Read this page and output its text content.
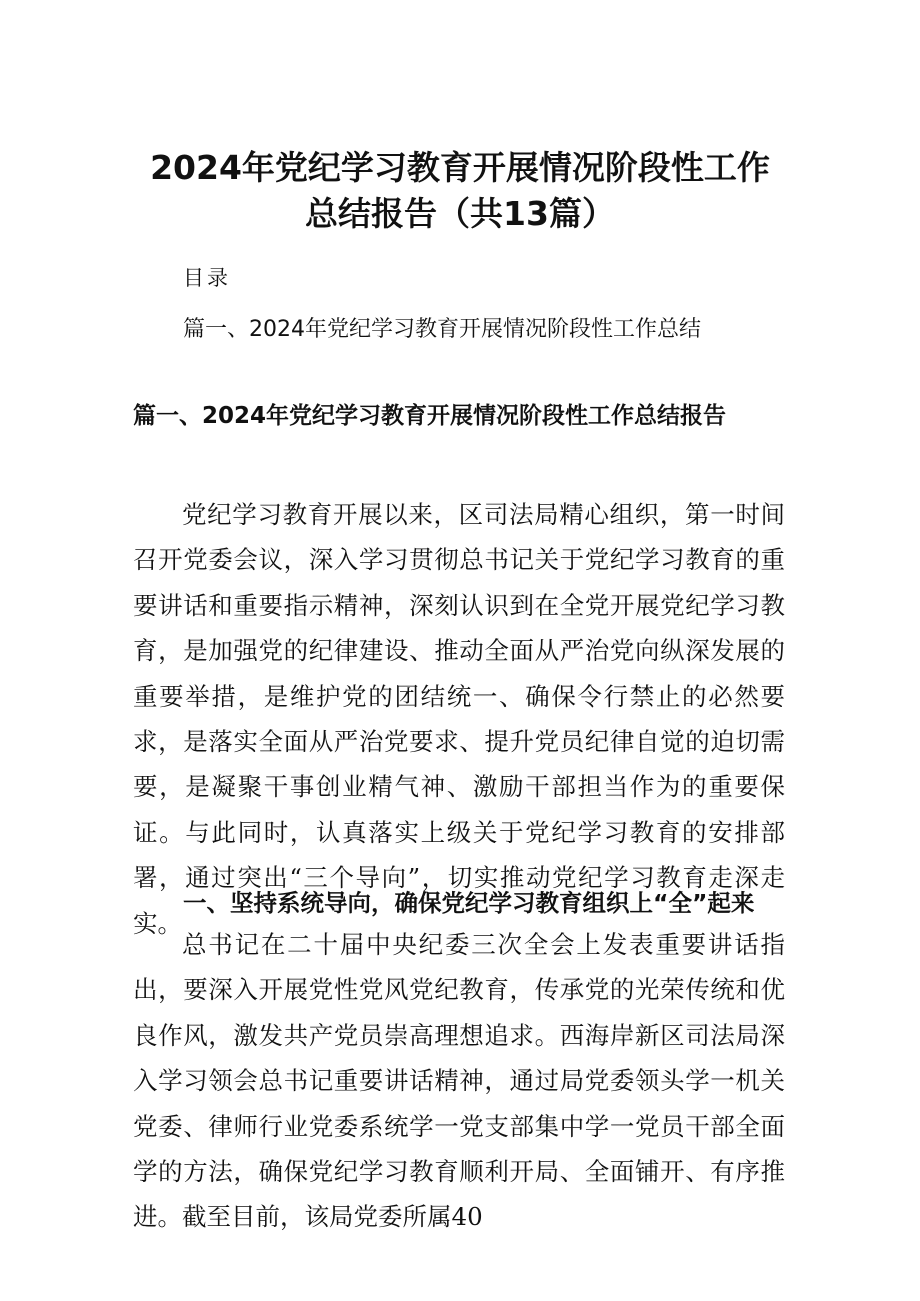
2024年党纪学习教育开展情况阶段性工作
总结报告（共13篇）
目录
篇一、2024年党纪学习教育开展情况阶段性工作总结
篇一、2024年党纪学习教育开展情况阶段性工作总结报告

党纪学习教育开展以来，区司法局精心组织，第一时间召开党委会议，深入学习贯彻总书记关于党纪学习教育的重要讲话和重要指示精神，深刻认识到在全党开展党纪学习教育，是加强党的纪律建设、推动全面从严治党向纵深发展的重要举措，是维护党的团结统一、确保令行禁止的必然要求，是落实全面从严治党要求、提升党员纪律自觉的迫切需要，是凝聚干事创业精气神、激励干部担当作为的重要保证。与此同时，认真落实上级关于党纪学习教育的安排部署，通过突出“三个导向”，切实推动党纪学习教育走深走实。

一、坚持系统导向，确保党纪学习教育组织上“全”起来

总书记在二十届中央纪委三次全会上发表重要讲话指出，要深入开展党性党风党纪教育，传承党的光荣传统和优良作风，激发共产党员崇高理想追求。西海岸新区司法局深入学习领会总书记重要讲话精神，通过局党委领头学一机关党委、律师行业党委系统学一党支部集中学一党员干部全面学的方法，确保党纪学习教育顺利开局、全面铺开、有序推进。截至目前，该局党委所属40
